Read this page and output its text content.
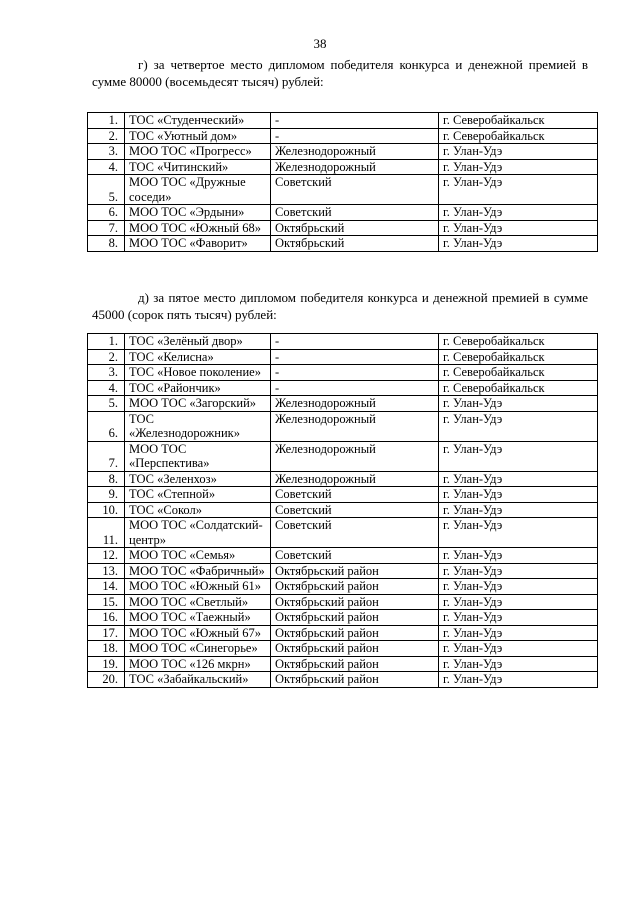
38

г) за четвертое место дипломом победителя конкурса и денежной премией в сумме 80000 (восемьдесят тысяч) рублей:

1.	ТОС «Студенческий»	-	г. Северобайкальск
2.	ТОС «Уютный дом»	-	г. Северобайкальск
3.	МОО ТОС «Прогресс»	Железнодорожный	г. Улан-Удэ
4.	ТОС «Читинский»	Железнодорожный	г. Улан-Удэ
5.	МОО ТОС «Дружные соседи»	Советский	г. Улан-Удэ
6.	МОО ТОС «Эрдыни»	Советский	г. Улан-Удэ
7.	МОО ТОС «Южный 68»	Октябрьский	г. Улан-Удэ
8.	МОО ТОС «Фаворит»	Октябрьский	г. Улан-Удэ

д) за пятое место дипломом победителя конкурса и денежной премией в сумме 45000 (сорок пять тысяч) рублей:

1.	ТОС «Зелёный двор»	-	г. Северобайкальск
2.	ТОС «Келисна»	-	г. Северобайкальск
3.	ТОС «Новое поколение»	-	г. Северобайкальск
4.	ТОС «Райончик»	-	г. Северобайкальск
5.	МОО ТОС «Загорский»	Железнодорожный	г. Улан-Удэ
6.	ТОС «Железнодорожник»	Железнодорожный	г. Улан-Удэ
7.	МОО ТОС «Перспектива»	Железнодорожный	г. Улан-Удэ
8.	ТОС «Зеленхоз»	Железнодорожный	г. Улан-Удэ
9.	ТОС «Степной»	Советский	г. Улан-Удэ
10.	ТОС «Сокол»	Советский	г. Улан-Удэ
11.	МОО ТОС «Солдатский-центр»	Советский	г. Улан-Удэ
12.	МОО ТОС «Семья»	Советский	г. Улан-Удэ
13.	МОО ТОС «Фабричный»	Октябрьский район	г. Улан-Удэ
14.	МОО ТОС «Южный 61»	Октябрьский район	г. Улан-Удэ
15.	МОО ТОС «Светлый»	Октябрьский район	г. Улан-Удэ
16.	МОО ТОС «Таежный»	Октябрьский район	г. Улан-Удэ
17.	МОО ТОС «Южный 67»	Октябрьский район	г. Улан-Удэ
18.	МОО ТОС «Синегорье»	Октябрьский район	г. Улан-Удэ
19.	МОО ТОС «126 мкрн»	Октябрьский район	г. Улан-Удэ
20.	ТОС «Забайкальский»	Октябрьский район	г. Улан-Удэ
